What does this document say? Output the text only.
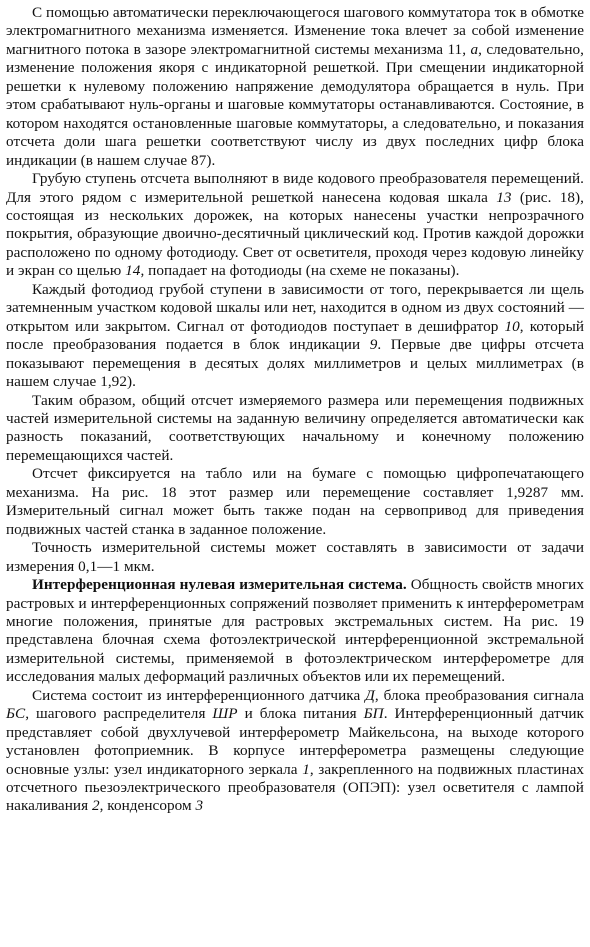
С помощью автоматически переключающегося шагового коммутатора ток в обмотке электромагнитного механизма изменяется. Изменение тока влечет за собой изменение магнитного потока в зазоре электромагнитной системы механизма 11, а, следовательно, изменение положения якоря с индикаторной решеткой. При смещении индикаторной решетки к нулевому положению напряжение демодулятора обращается в нуль. При этом срабатывают нуль-органы и шаговые коммутаторы останавливаются. Состояние, в котором находятся остановленные шаговые коммутаторы, а следовательно, и показания отсчета доли шага решетки соответствуют числу из двух последних цифр блока индикации (в нашем случае 87).

Грубую ступень отсчета выполняют в виде кодового преобразователя перемещений. Для этого рядом с измерительной решеткой нанесена кодовая шкала 13 (рис. 18), состоящая из нескольких дорожек, на которых нанесены участки непрозрачного покрытия, образующие двоично-десятичный циклический код. Против каждой дорожки расположено по одному фотодиоду. Свет от осветителя, проходя через кодовую линейку и экран со щелью 14, попадает на фотодиоды (на схеме не показаны).

Каждый фотодиод грубой ступени в зависимости от того, перекрывается ли щель затемненным участком кодовой шкалы или нет, находится в одном из двух состояний — открытом или закрытом. Сигнал от фотодиодов поступает в дешифратор 10, который после преобразования подается в блок индикации 9. Первые две цифры отсчета показывают перемещения в десятых долях миллиметров и целых миллиметрах (в нашем случае 1,92).

Таким образом, общий отсчет измеряемого размера или перемещения подвижных частей измерительной системы на заданную величину определяется автоматически как разность показаний, соответствующих начальному и конечному положению перемещающихся частей.

Отсчет фиксируется на табло или на бумаге с помощью цифропечатающего механизма. На рис. 18 этот размер или перемещение составляет 1,9287 мм. Измерительный сигнал может быть также подан на сервопривод для приведения подвижных частей станка в заданное положение.

Точность измерительной системы может составлять в зависимости от задачи измерения 0,1—1 мкм.

Интерференционная нулевая измерительная система. Общность свойств многих растровых и интерференционных сопряжений позволяет применить к интерферометрам многие положения, принятые для растровых экстремальных систем. На рис. 19 представлена блочная схема фотоэлектрической интерференционной экстремальной измерительной системы, применяемой в фотоэлектрическом интерферометре для исследования малых деформаций различных объектов или их перемещений.

Система состоит из интерференционного датчика Д, блока преобразования сигнала БС, шагового распределителя ШР и блока питания БП. Интерференционный датчик представляет собой двухлучевой интерферометр Майкельсона, на выходе которого установлен фотоприемник. В корпусе интерферометра размещены следующие основные узлы: узел индикаторного зеркала 1, закрепленного на подвижных пластинах отсчетного пьезоэлектрического преобразователя (ОПЭП): узел осветителя с лампой накаливания 2, конденсором 3
